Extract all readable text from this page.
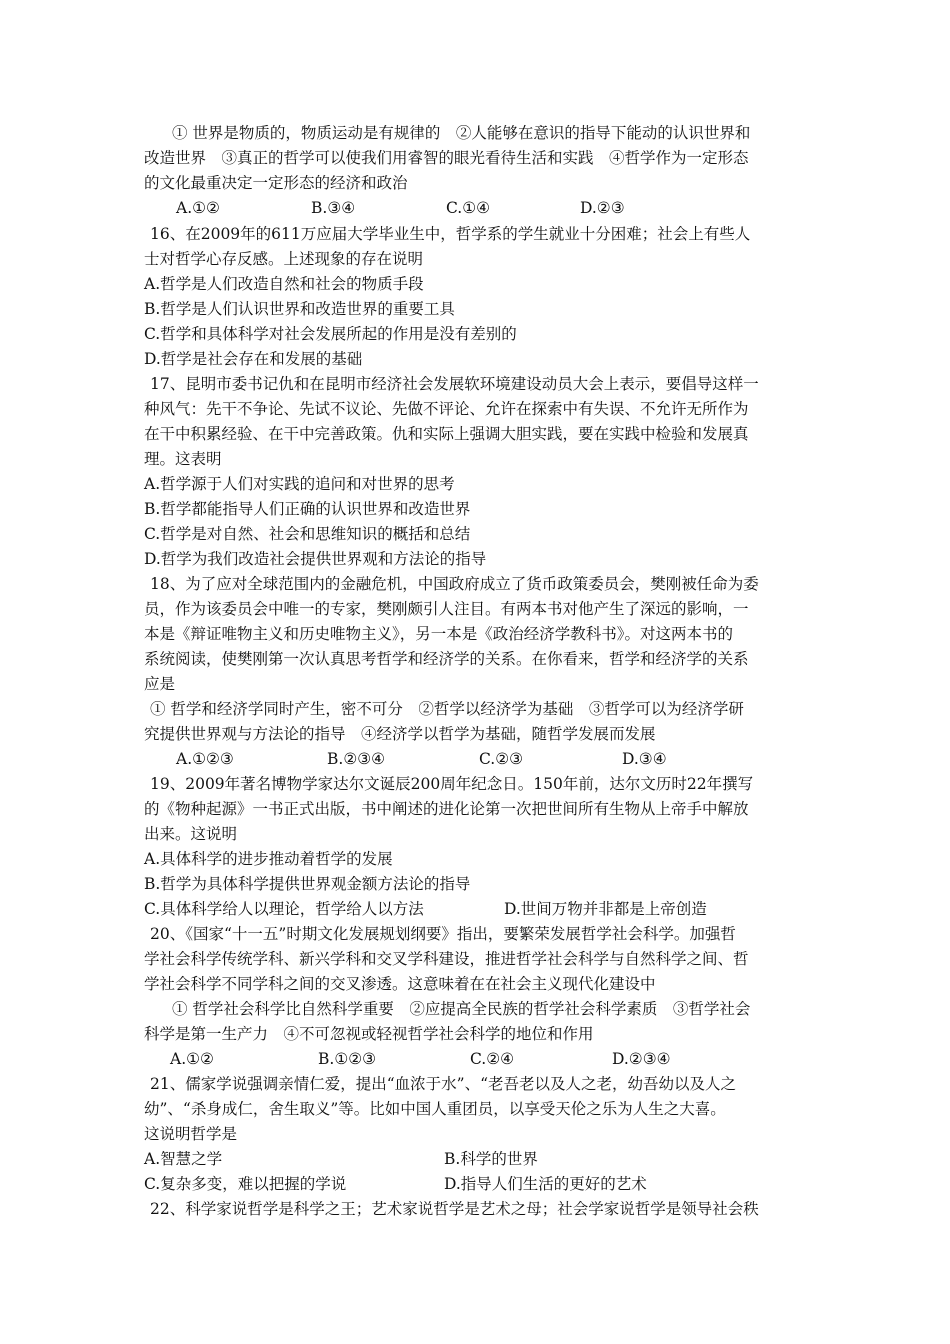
① 世界是物质的，物质运动是有规律的　②人能够在意识的指导下能动的认识世界和
改造世界　③真正的哲学可以使我们用睿智的眼光看待生活和实践　④哲学作为一定形态
的文化最重决定一定形态的经济和政治
A.①②	B.③④	C.①④	D.②③
16、在2009年的611万应届大学毕业生中，哲学系的学生就业十分困难；社会上有些人
士对哲学心存反感。上述现象的存在说明
A.哲学是人们改造自然和社会的物质手段
B.哲学是人们认识世界和改造世界的重要工具
C.哲学和具体科学对社会发展所起的作用是没有差别的
D.哲学是社会存在和发展的基础
17、昆明市委书记仇和在昆明市经济社会发展软环境建设动员大会上表示，要倡导这样一
种风气：先干不争论、先试不议论、先做不评论、允许在探索中有失误、不允许无所作为
在干中积累经验、在干中完善政策。仇和实际上强调大胆实践，要在实践中检验和发展真
理。这表明
A.哲学源于人们对实践的追问和对世界的思考
B.哲学都能指导人们正确的认识世界和改造世界
C.哲学是对自然、社会和思维知识的概括和总结
D.哲学为我们改造社会提供世界观和方法论的指导
18、为了应对全球范围内的金融危机，中国政府成立了货币政策委员会，樊刚被任命为委
员，作为该委员会中唯一的专家，樊刚颇引人注目。有两本书对他产生了深远的影响，一
本是《辩证唯物主义和历史唯物主义》，另一本是《政治经济学教科书》。对这两本书的
系统阅读，使樊刚第一次认真思考哲学和经济学的关系。在你看来，哲学和经济学的关系
应是
① 哲学和经济学同时产生，密不可分　②哲学以经济学为基础　③哲学可以为经济学研
究提供世界观与方法论的指导　④经济学以哲学为基础，随哲学发展而发展
A.①②③	B.②③④	C.②③	D.③④
19、2009年著名博物学家达尔文诞辰200周年纪念日。150年前，达尔文历时22年撰写
的《物种起源》一书正式出版，书中阐述的进化论第一次把世间所有生物从上帝手中解放
出来。这说明
A.具体科学的进步推动着哲学的发展
B.哲学为具体科学提供世界观金额方法论的指导
C.具体科学给人以理论，哲学给人以方法	D.世间万物并非都是上帝创造
20、《国家“十一五”时期文化发展规划纲要》指出，要繁荣发展哲学社会科学。加强哲
学社会科学传统学科、新兴学科和交叉学科建设，推进哲学社会科学与自然科学之间、哲
学社会科学不同学科之间的交叉渗透。这意味着在在社会主义现代化建设中
① 哲学社会科学比自然科学重要　②应提高全民族的哲学社会科学素质　③哲学社会
科学是第一生产力　④不可忽视或轻视哲学社会科学的地位和作用
A.①②	B.①②③	C.②④	D.②③④
21、儒家学说强调亲情仁爱，提出“血浓于水”、“老吾老以及人之老，幼吾幼以及人之
幼”、“杀身成仁，舍生取义”等。比如中国人重团员，以享受天伦之乐为人生之大喜。
这说明哲学是
A.智慧之学	B.科学的世界
C.复杂多变，难以把握的学说	D.指导人们生活的更好的艺术
22、科学家说哲学是科学之王；艺术家说哲学是艺术之母；社会学家说哲学是领导社会秩
